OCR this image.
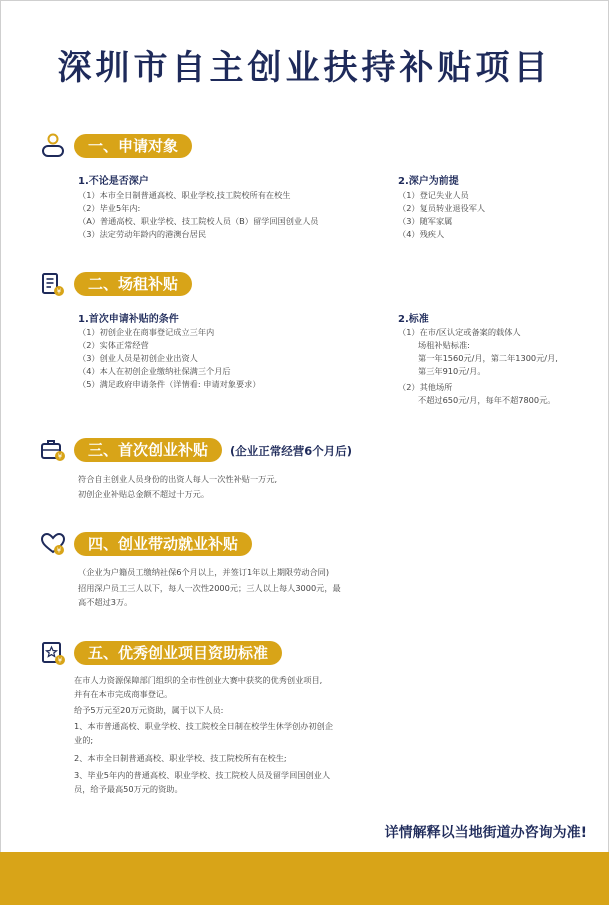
深圳市自主创业扶持补贴项目
一、申请对象
1.不论是否深户
（1）本市全日制普通高校、职业学校,技工院校所有在校生
（2）毕业5年内:
（A）普通高校、职业学校、技工院校人员（B）留学回国创业人员
（3）法定劳动年龄内的港澳台居民
2.深户为前提
（1）登记失业人员
（2）复员转业退役军人
（3）随军家属
（4）残疾人
¥	二、场租补贴
1.首次申请补贴的条件
（1）初创企业在商事登记成立三年内
（2）实体正常经营
（3）创业人员是初创企业出资人
（4）本人在初创企业缴纳社保满三个月后
（5）满足政府申请条件（详情看: 申请对象要求）
2.标准
（1）在市/区认定或备案的载体人
场租补贴标准:
第一年1560元/月，第二年1300元/月,
第三年910元/月。
（2）其他场所
不超过650元/月，每年不超7800元。
¥	三、首次创业补贴	(企业正常经营6个月后)
符合自主创业人员身份的出资人每人一次性补贴一万元,
初创企业补贴总金额不超过十万元。
¥	四、创业带动就业补贴
（企业为户籍员工缴纳社保6个月以上，并签订1年以上期限劳动合同)
招用深户员工三人以下，每人一次性2000元；三人以上每人3000元，最
高不超过3万。
¥	五、优秀创业项目资助标准
在市人力资源保障部门组织的全市性创业大赛中获奖的优秀创业项目,
并有在本市完成商事登记。
给予5万元至20万元资助，属于以下人员:
1、本市普通高校、职业学校、技工院校全日制在校学生休学创办初创企
业的;
2、本市全日制普通高校、职业学校、技工院校所有在校生;
3、毕业5年内的普通高校、职业学校、技工院校人员及留学回国创业人
员，给予最高50万元的资助。
详情解释以当地街道办咨询为准!
